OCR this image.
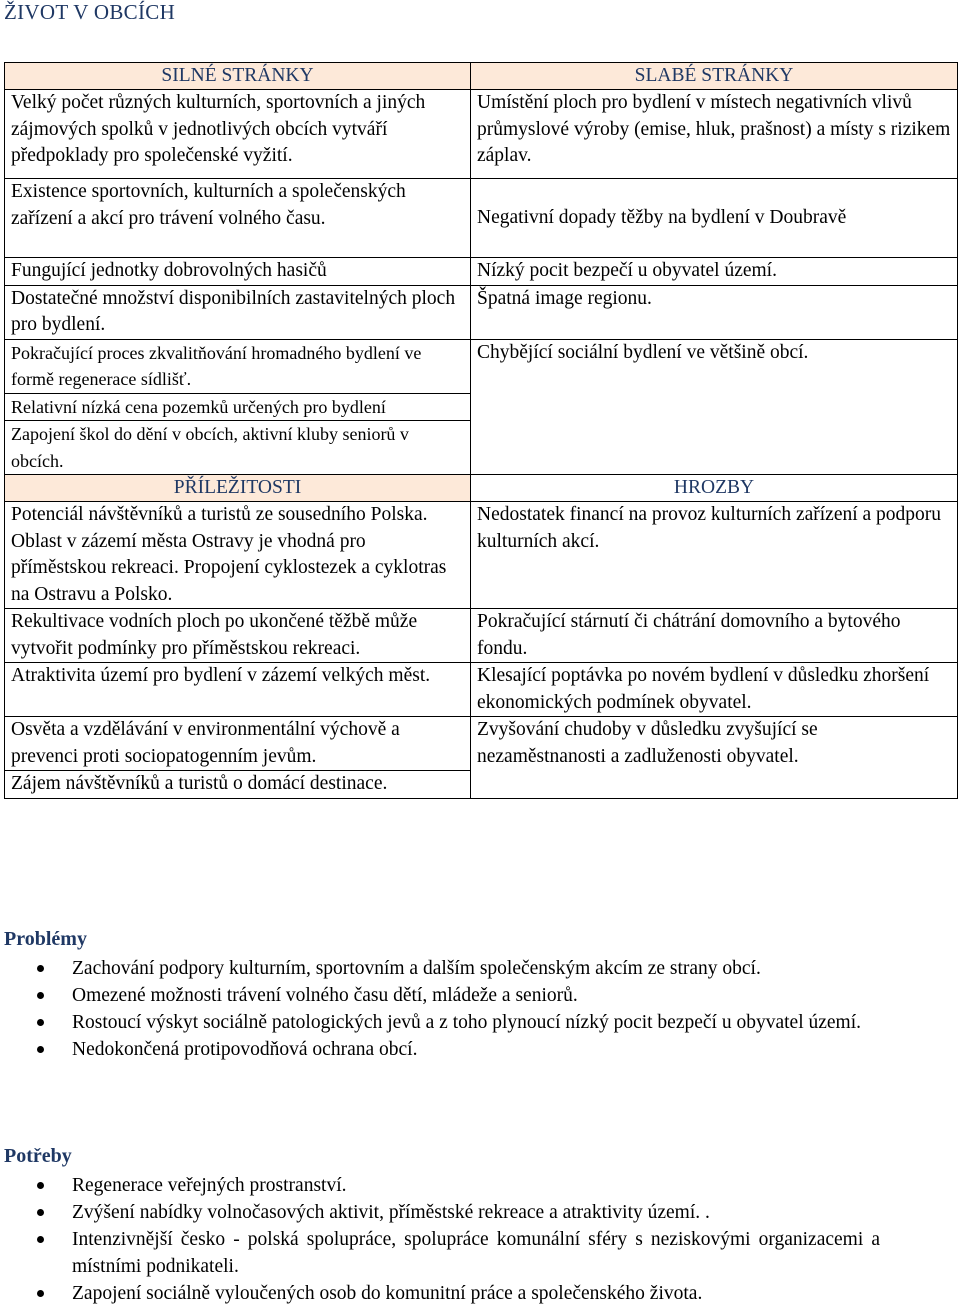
ŽIVOT V OBCÍCH
SILNÉ STRÁNKY	SLABÉ STRÁNKY
Velký počet různých kulturních, sportovních a jiných zájmových spolků v jednotlivých obcích vytváří předpoklady pro společenské vyžití.	Umístění ploch pro bydlení v místech negativních vlivů průmyslové výroby (emise, hluk, prašnost) a místy s rizikem záplav.
Existence sportovních, kulturních a společenských zařízení a akcí pro trávení volného času.	Negativní dopady těžby na bydlení v Doubravě
Fungující jednotky dobrovolných hasičů	Nízký pocit bezpečí u obyvatel území.
Dostatečné množství disponibilních zastavitelných ploch pro bydlení.	Špatná image regionu.
Pokračující proces zkvalitňování hromadného bydlení ve formě regenerace sídlišť.	Chybějící sociální bydlení ve většině obcí.
Relativní nízká cena pozemků určených pro bydlení	
Zapojení škol do dění v obcích, aktivní kluby seniorů v obcích.	
PŘÍLEŽITOSTI	HROZBY
Potenciál návštěvníků a turistů ze sousedního Polska. Oblast v zázemí města Ostravy je vhodná pro příměstskou rekreaci. Propojení cyklostezek a cyklotras na Ostravu a Polsko.	Nedostatek financí na provoz kulturních zařízení a podporu kulturních akcí.
Rekultivace vodních ploch po ukončené těžbě může vytvořit podmínky pro příměstskou rekreaci.	Pokračující stárnutí či chátrání domovního a bytového fondu.
Atraktivita území pro bydlení v zázemí velkých měst.	Klesající poptávka po novém bydlení v důsledku zhoršení ekonomických podmínek obyvatel.
Osvěta a vzdělávání v environmentální výchově a prevenci proti sociopatogenním jevům.	Zvyšování chudoby v důsledku zvyšující se nezaměstnanosti a zadluženosti obyvatel.
Zájem návštěvníků a turistů o domácí destinace.	
Problémy
Zachování podpory kulturním, sportovním a dalším společenským akcím ze strany obcí.
Omezené možnosti trávení volného času dětí, mládeže a seniorů.
Rostoucí výskyt sociálně patologických jevů a z toho plynoucí nízký pocit bezpečí u obyvatel území.
Nedokončená protipovodňová ochrana obcí.
Potřeby
Regenerace veřejných prostranství.
Zvýšení nabídky volnočasových aktivit, příměstské rekreace a atraktivity území. .
Intenzivnější česko - polská spolupráce, spolupráce komunální sféry s neziskovými organizacemi a místními podnikateli.
Zapojení sociálně vyloučených osob do komunitní práce a společenského života.
